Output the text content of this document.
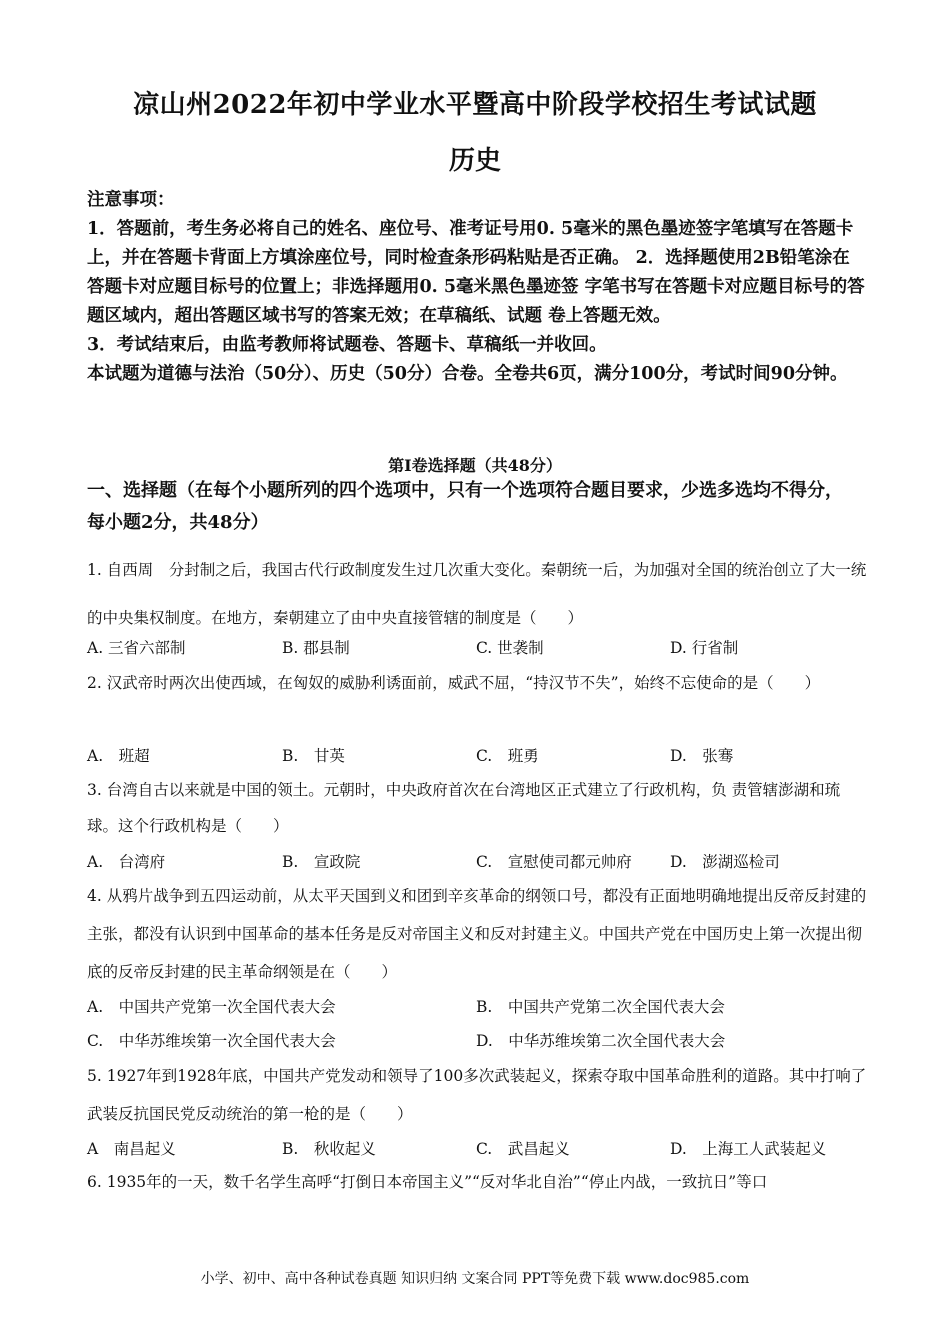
凉山州2022年初中学业水平暨高中阶段学校招生考试试题
历史

注意事项：

1．答题前，考生务必将自己的姓名、座位号、准考证号用0. 5毫米的黑色墨迹签字笔填写在答题卡上，并在答题卡背面上方填涂座位号，同时检查条形码粘贴是否正确。 2．选择题使用2B铅笔涂在答题卡对应题目标号的位置上；非选择题用0. 5毫米黑色墨迹签 字笔书写在答题卡对应题目标号的答题区域内，超出答题区域书写的答案无效；在草稿纸、试题 卷上答题无效。

3．考试结束后，由监考教师将试题卷、答题卡、草稿纸一并收回。

本试题为道德与法治（50分）、历史（50分）合卷。全卷共6页，满分100分，考试时间90分钟。

第I卷选择题（共48分）
一、选择题（在每个小题所列的四个选项中，只有一个选项符合题目要求，少选多选均不得分， 每小题2分，共48分）
1. 自西周　分封制之后，我国古代行政制度发生过几次重大变化。秦朝统一后，为加强对全国的统治创立了大一统的中央集权制度。在地方，秦朝建立了由中央直接管辖的制度是（　　）
A. 三省六部制	B. 郡县制	C. 世袭制	D. 行省制
2. 汉武帝时两次出使西域，在匈奴的威胁利诱面前，威武不屈，“持汉节不失”，始终不忘使命的是（　　）
A.　班超	B.　甘英	C.　班勇	D.　张骞
3. 台湾自古以来就是中国的领土。元朝时，中央政府首次在台湾地区正式建立了行政机构，负 责管辖澎湖和琉球。这个行政机构是（　　）
A.　台湾府	B.　宣政院	C.　宣慰使司都元帅府 D.　澎湖巡检司
4. 从鸦片战争到五四运动前，从太平天国到义和团到辛亥革命的纲领口号，都没有正面地明确地提出反帝反封建的主张，都没有认识到中国革命的基本任务是反对帝国主义和反对封建主义。中国共产党在中国历史上第一次提出彻底的反帝反封建的民主革命纲领是在（　　）
A.　中国共产党第一次全国代表大会	B.　中国共产党第二次全国代表大会
C.　中华苏维埃第一次全国代表大会	D.　中华苏维埃第二次全国代表大会
5. 1927年到1928年底，中国共产党发动和领导了100多次武装起义，探索夺取中国革命胜利的道路。其中打响了武装反抗国民党反动统治的第一枪的是（　　）
A　南昌起义	B.　秋收起义	C.　武昌起义	D.　上海工人武装起义
6. 1935年的一天，数千名学生高呼“打倒日本帝国主义”“反对华北自治”“停止内战，一致抗日”等口
小学、初中、高中各种试卷真题 知识归纳 文案合同 PPT等免费下载 www.doc985.com
